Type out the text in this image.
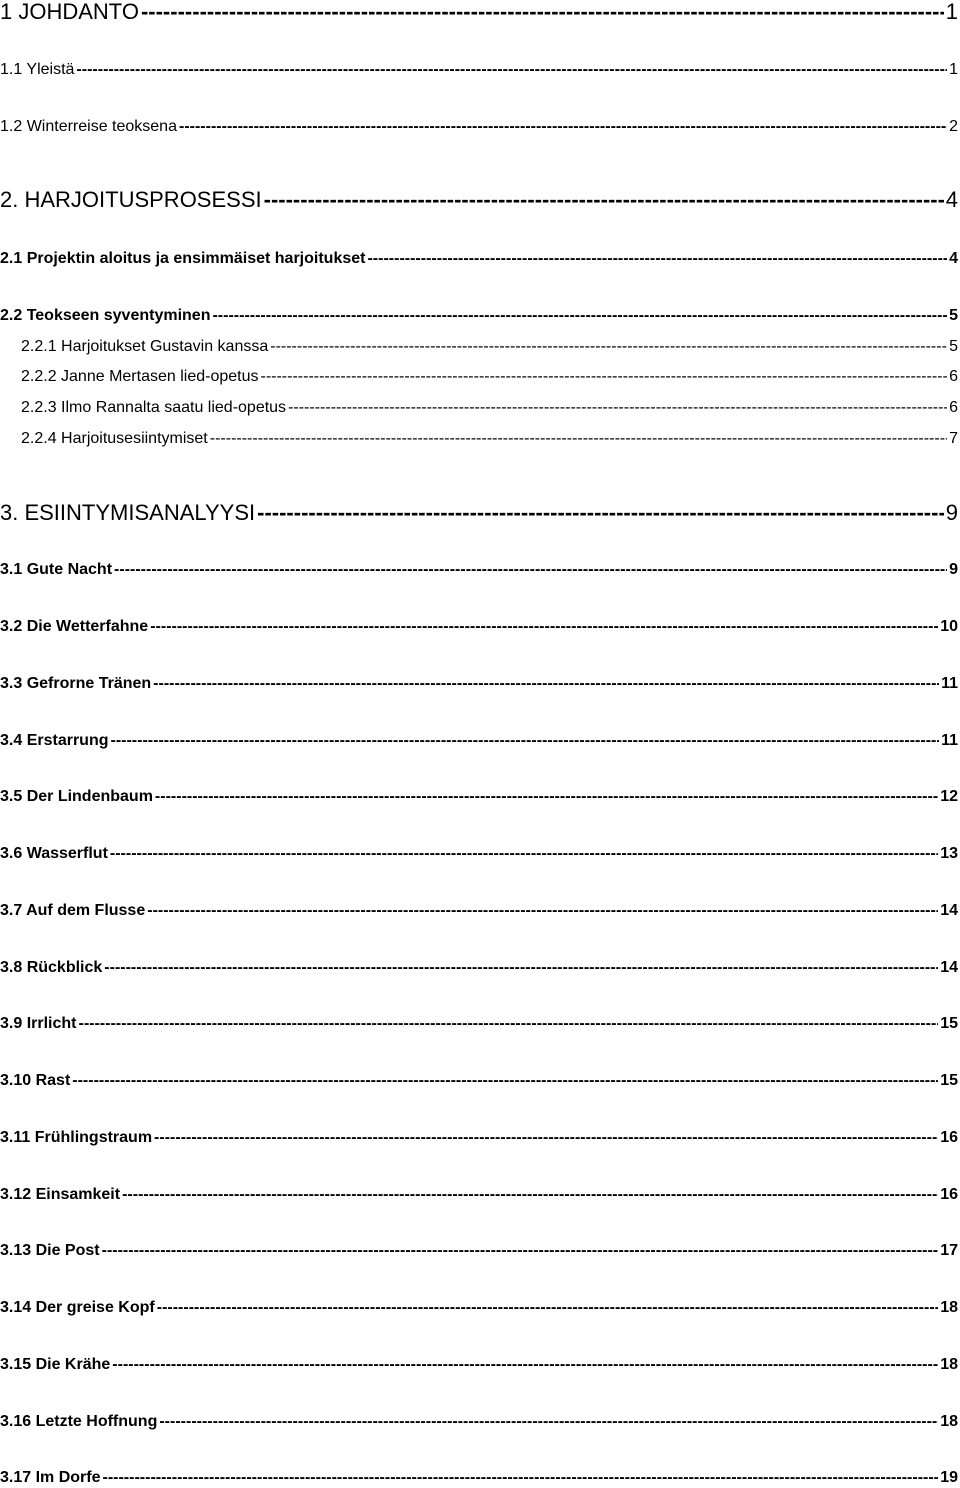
1 JOHDANTO -----	1
1.1 Yleistä -----	1
1.2 Winterreise teoksena -----	2
2. HARJOITUSPROSESSI -----	4
2.1 Projektin aloitus ja ensimmäiset harjoitukset -----	4
2.2 Teokseen syventyminen -----	5
2.2.1 Harjoitukset Gustavin kanssa -----	5
2.2.2 Janne Mertasen lied-opetus -----	6
2.2.3 Ilmo Rannalta saatu lied-opetus -----	6
2.2.4 Harjoitusesiintymiset -----	7
3. ESIINTYMISANALYYSI -----	9
3.1 Gute Nacht -----	9
3.2 Die Wetterfahne -----	10
3.3 Gefrorne Tränen -----	11
3.4 Erstarrung -----	11
3.5 Der Lindenbaum -----	12
3.6 Wasserflut -----	13
3.7 Auf dem Flusse -----	14
3.8 Rückblick -----	14
3.9 Irrlicht -----	15
3.10 Rast -----	15
3.11 Frühlingstraum -----	16
3.12 Einsamkeit -----	16
3.13 Die Post -----	17
3.14 Der greise Kopf -----	18
3.15 Die Krähe -----	18
3.16 Letzte Hoffnung -----	18
3.17 Im Dorfe -----	19
